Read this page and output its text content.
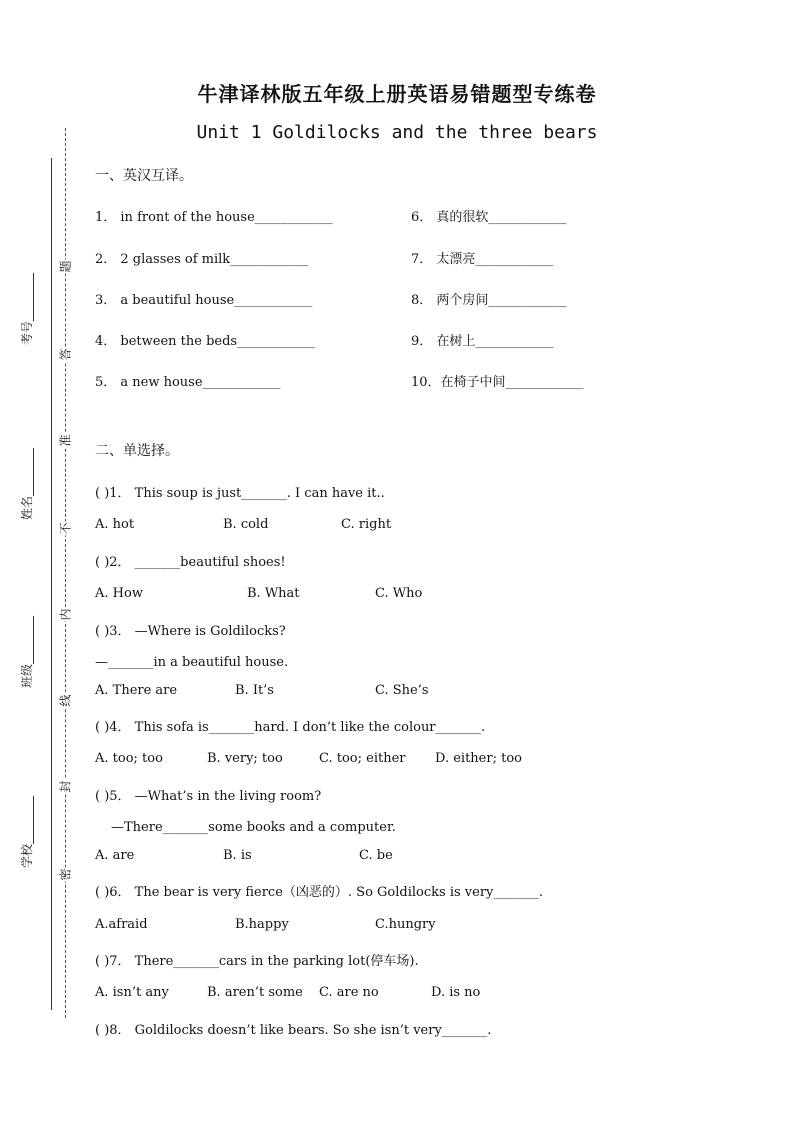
考号________
姓名________
班级________
学校________
题
答
准
不
内
线
封
密
牛津译林版五年级上册英语易错题型专练卷
Unit 1 Goldilocks and the three bears
一、英汉互译。
1． in front of the house____________
2． 2 glasses of milk____________
3． a beautiful house____________
4． between the beds____________
5． a new house____________
6． 真的很软____________
7． 太漂亮____________
8． 两个房间____________
9． 在树上____________
10．在椅子中间____________
二、单选择。
( )1． This soup is just_______. I can have it..
A. hot	B. cold	C. right
( )2． _______beautiful shoes!
A. How	B. What	C. Who
( )3． —Where is Goldilocks?
—_______in a beautiful house.
A. There are	B. It’s	C. She’s
( )4． This sofa is_______hard. I don’t like the colour_______.
A. too; too	B. very; too	C. too; either D. either; too
( )5． —What’s in the living room?
—There_______some books and a computer.
A. are	B. is	C. be
( )6． The bear is very fierce（凶恶的）. So Goldilocks is very_______.
A.afraid	B.happy	C.hungry
( )7． There_______cars in the parking lot(停车场).
A. isn’t any	B. aren’t some C. are no	D. is no
( )8． Goldilocks doesn’t like bears. So she isn’t very_______.
